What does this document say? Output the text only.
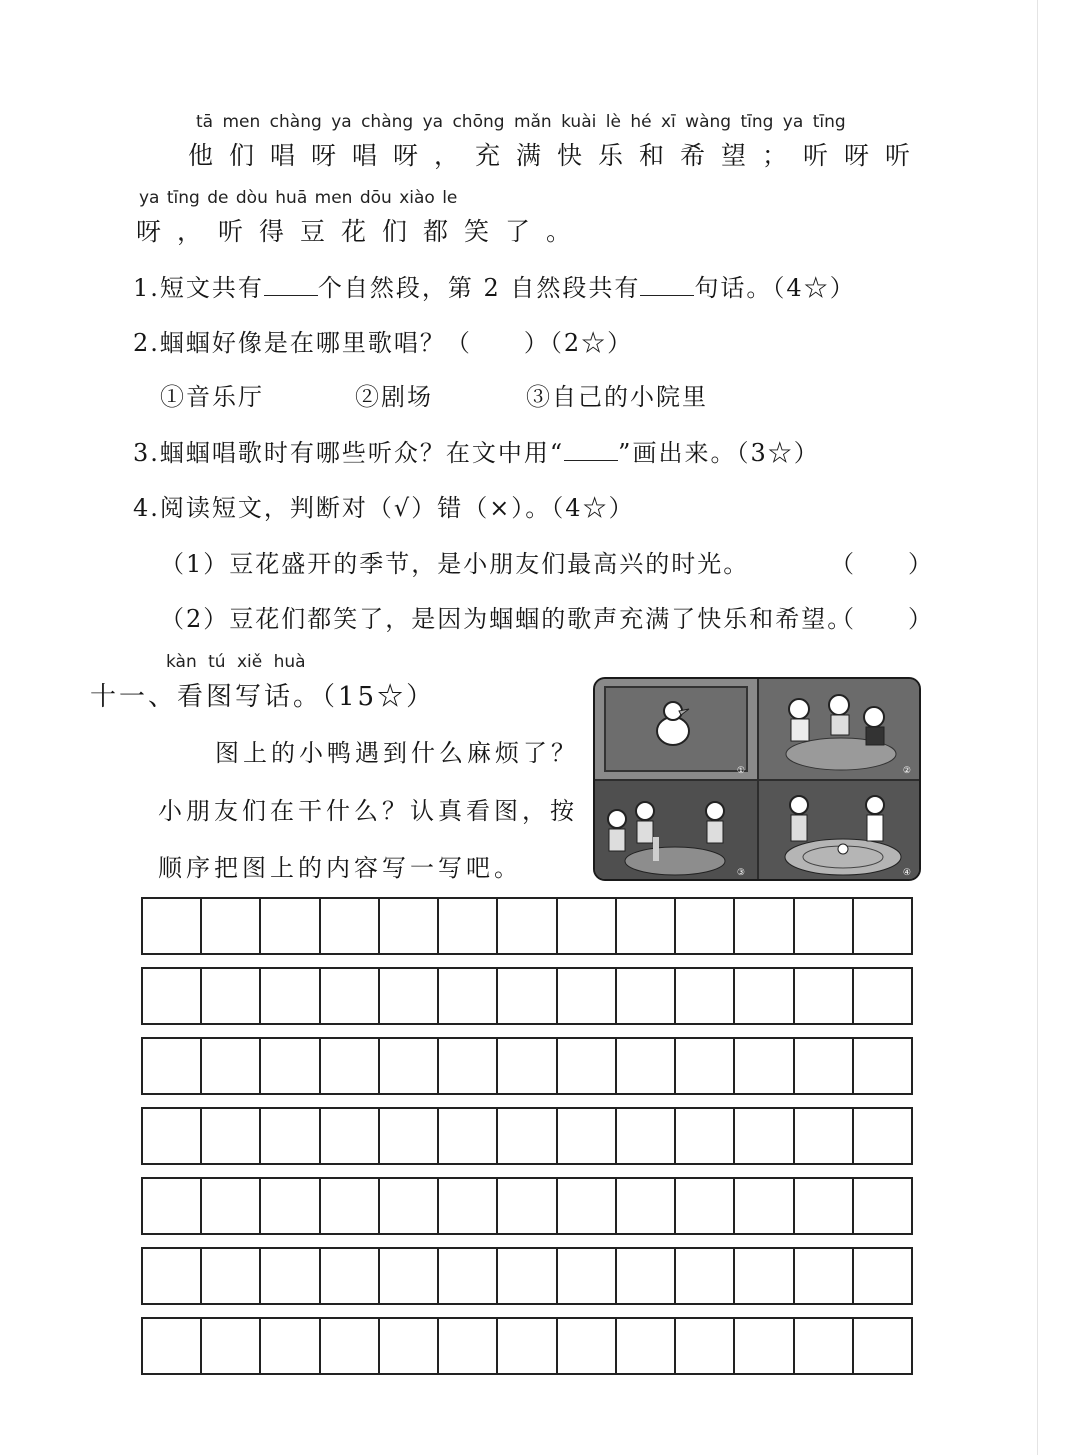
tā men chàng ya chàng ya chōng mǎn kuài lè hé xī wàng tīng ya tīng
他们唱呀唱呀，充满快乐和希望；听呀听
ya tīng de dòu huā men dōu xiào le
呀，听得豆花们都笑了。
1.短文共有 个自然段，第 2 自然段共有 句话。（4☆）
2.蝈蝈好像是在哪里歌唱？（　　）（2☆）
①音乐厅	②剧场	③自己的小院里
3.蝈蝈唱歌时有哪些听众？在文中用“ ”画出来。（3☆）
4.阅读短文，判断对（√）错（×）。（4☆）
（1）豆花盛开的季节，是小朋友们最高兴的时光。	（　　）
（2）豆花们都笑了，是因为蝈蝈的歌声充满了快乐和希望。
（　　）
kàn tú xiě huà
十一、看图写话。（15☆）
图上的小鸭遇到什么麻烦了？
小朋友们在干什么？认真看图，按
顺序把图上的内容写一写吧。
①	②
③	④
